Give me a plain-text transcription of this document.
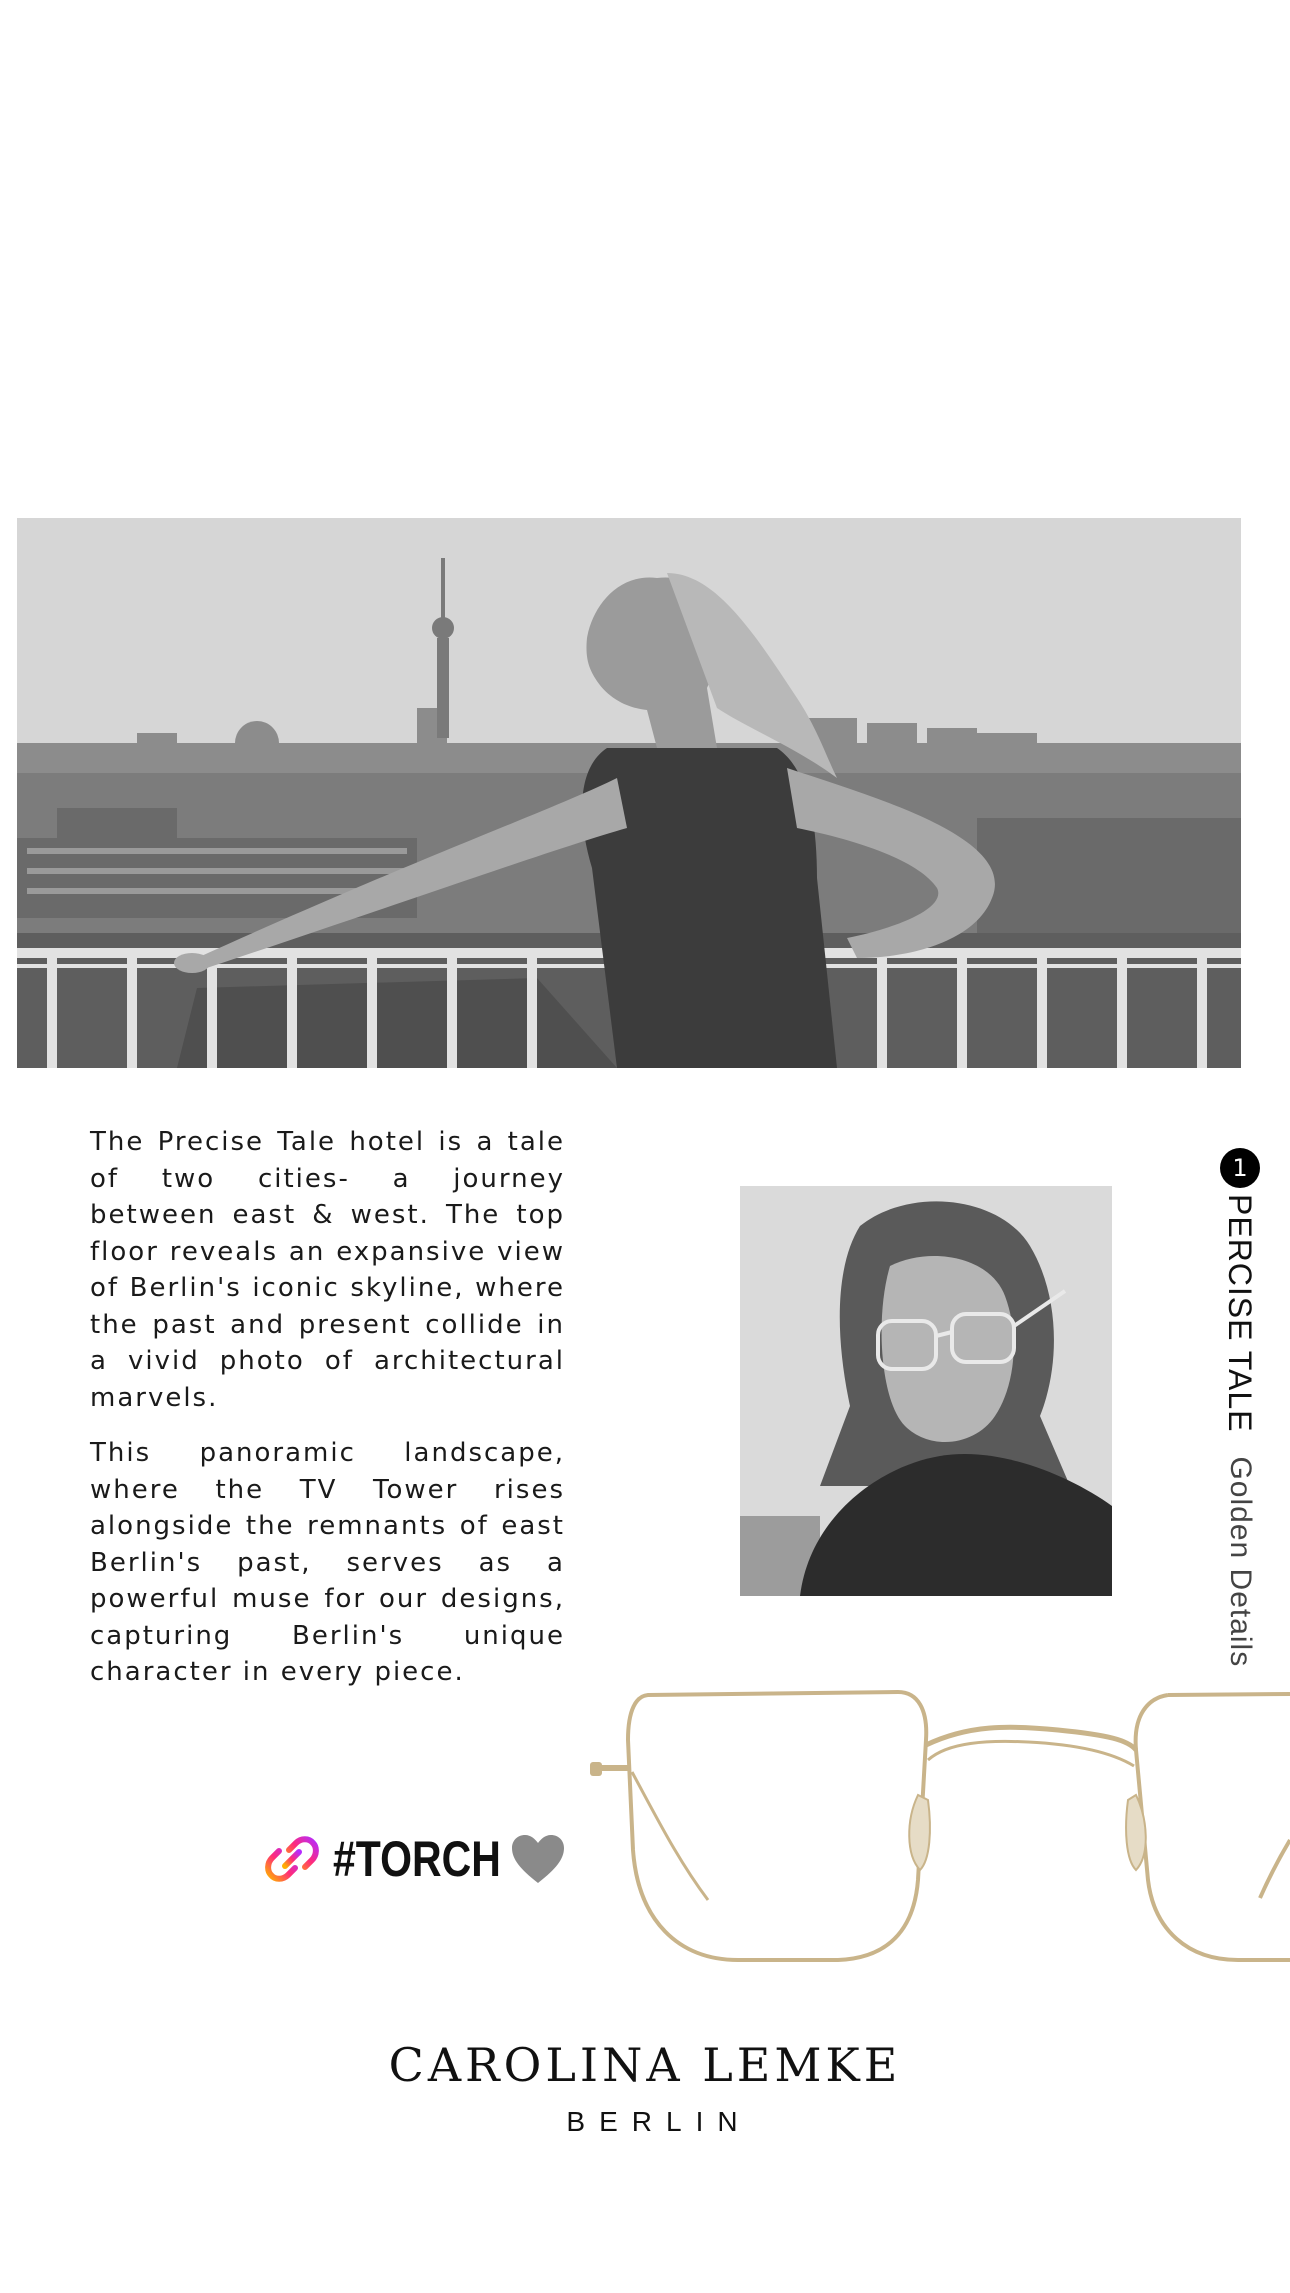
The Precise Tale hotel is a tale of two cities- a journey between east & west. The top floor reveals an expansive view of Berlin's iconic skyline, where the past and present collide in a vivid photo of architectural marvels.

This panoramic landscape, where the TV Tower rises alongside the remnants of east Berlin's past, serves as a powerful muse for our designs, capturing Berlin's unique character in every piece.

1
PERCISE TALE
Golden Details
#TORCH

CAROLINA LEMKE

BERLIN
